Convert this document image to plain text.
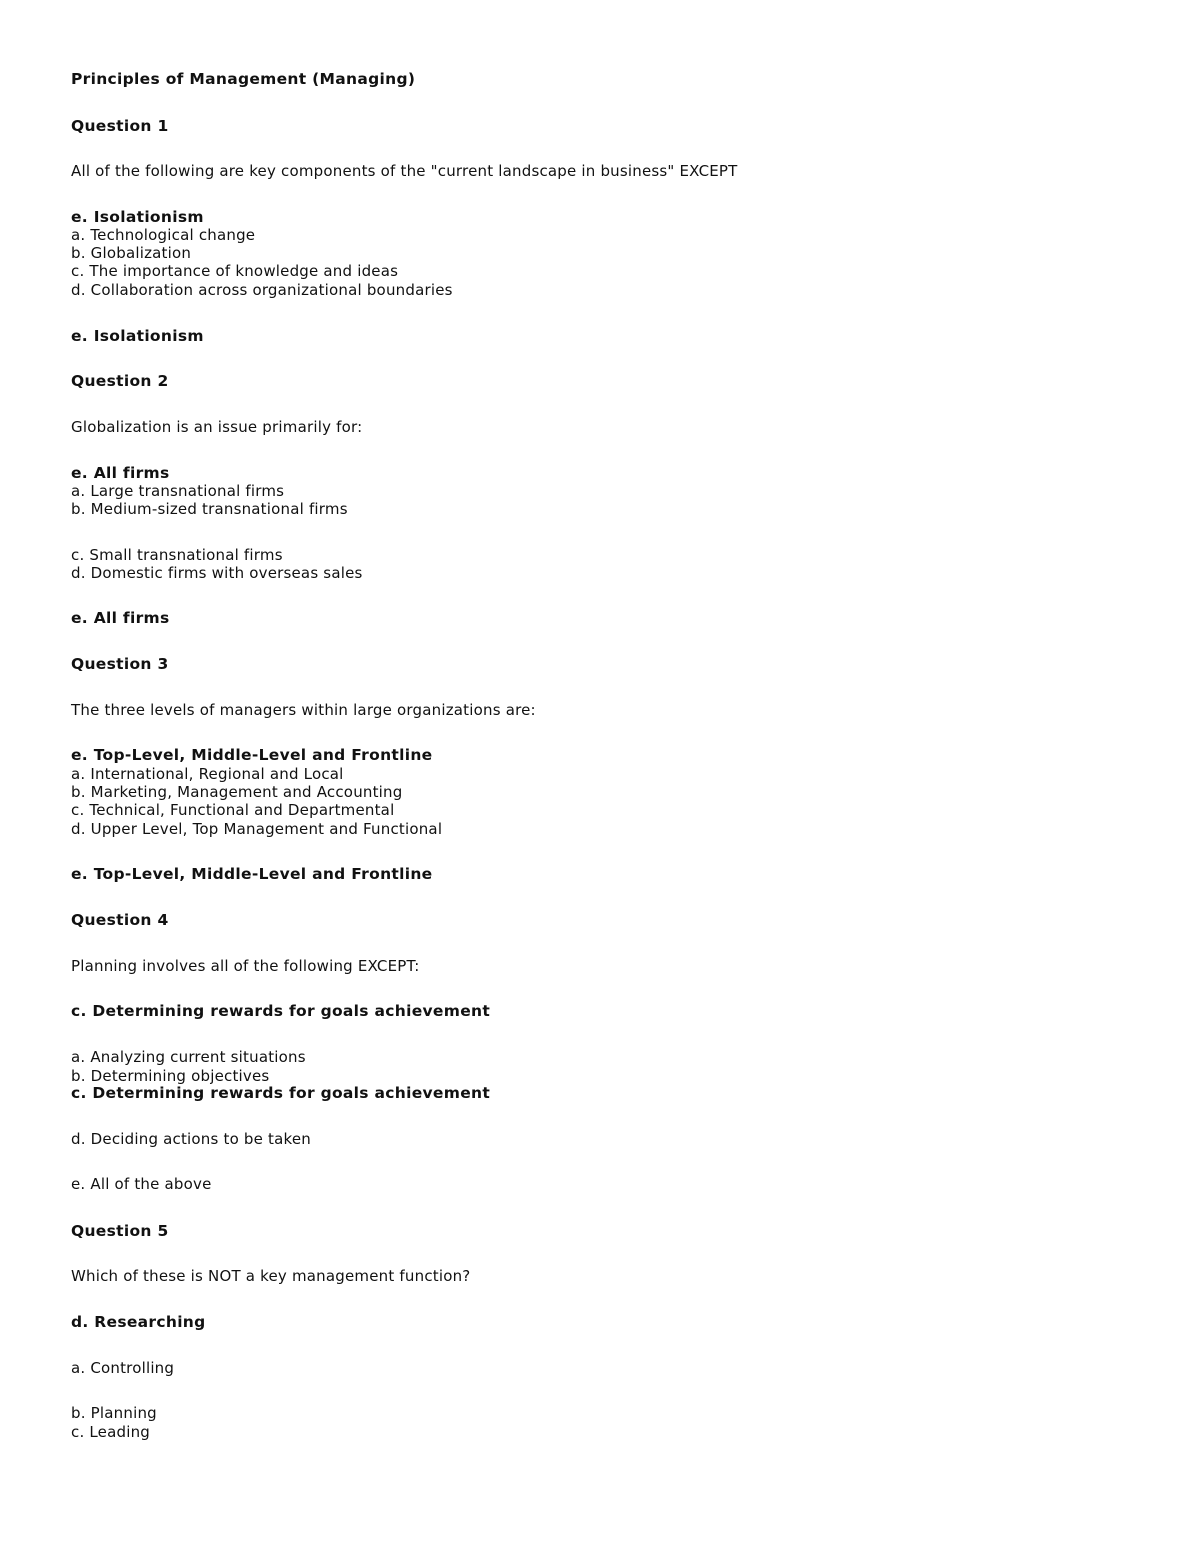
Principles of Management (Managing)
Question 1
All of the following are key components of the "current landscape in business" EXCEPT
e. Isolationism
a. Technological change
b. Globalization
c. The importance of knowledge and ideas
d. Collaboration across organizational boundaries
e. Isolationism
Question 2
Globalization is an issue primarily for:
e. All firms
a. Large transnational firms
b. Medium-sized transnational firms
c. Small transnational firms
d. Domestic firms with overseas sales
e. All firms
Question 3
The three levels of managers within large organizations are:
e. Top-Level, Middle-Level and Frontline
a. International, Regional and Local
b. Marketing, Management and Accounting
c. Technical, Functional and Departmental
d. Upper Level, Top Management and Functional
e. Top-Level, Middle-Level and Frontline
Question 4
Planning involves all of the following EXCEPT:
c. Determining rewards for goals achievement
a. Analyzing current situations
b. Determining objectives
c. Determining rewards for goals achievement
d. Deciding actions to be taken
e. All of the above
Question 5
Which of these is NOT a key management function?
d. Researching
a. Controlling
b. Planning
c. Leading
